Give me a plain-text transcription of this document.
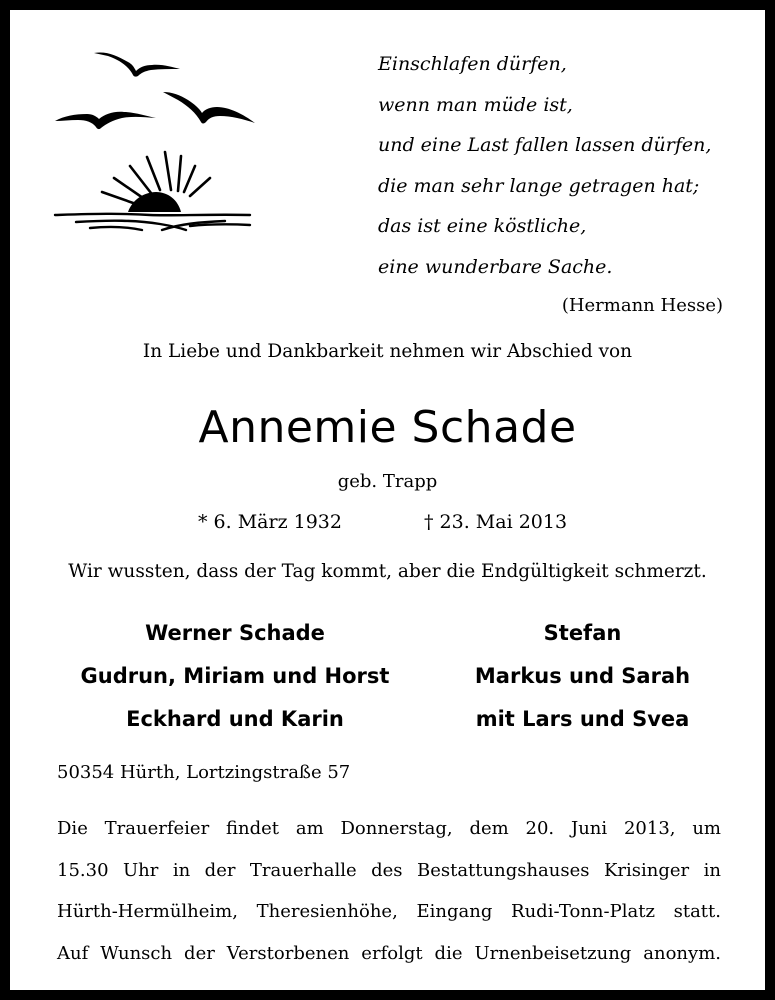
Einschlafen dürfen,
wenn man müde ist,
und eine Last fallen lassen dürfen,
die man sehr lange getragen hat;
das ist eine köstliche,
eine wunderbare Sache.
(Hermann Hesse)
In Liebe und Dankbarkeit nehmen wir Abschied von
Annemie Schade
geb. Trapp
* 6. März 1932	† 23. Mai 2013
Wir wussten, dass der Tag kommt, aber die Endgültigkeit schmerzt.
Werner Schade
Gudrun, Miriam und Horst
Eckhard und Karin
Stefan
Markus und Sarah
mit Lars und Svea
50354 Hürth, Lortzingstraße 57
Die Trauerfeier findet am Donnerstag, dem 20. Juni 2013, um
15.30 Uhr in der Trauerhalle des Bestattungshauses Krisinger in
Hürth-Hermülheim, Theresienhöhe, Eingang Rudi-Tonn-Platz statt.
Auf Wunsch der Verstorbenen erfolgt die Urnenbeisetzung anonym.
